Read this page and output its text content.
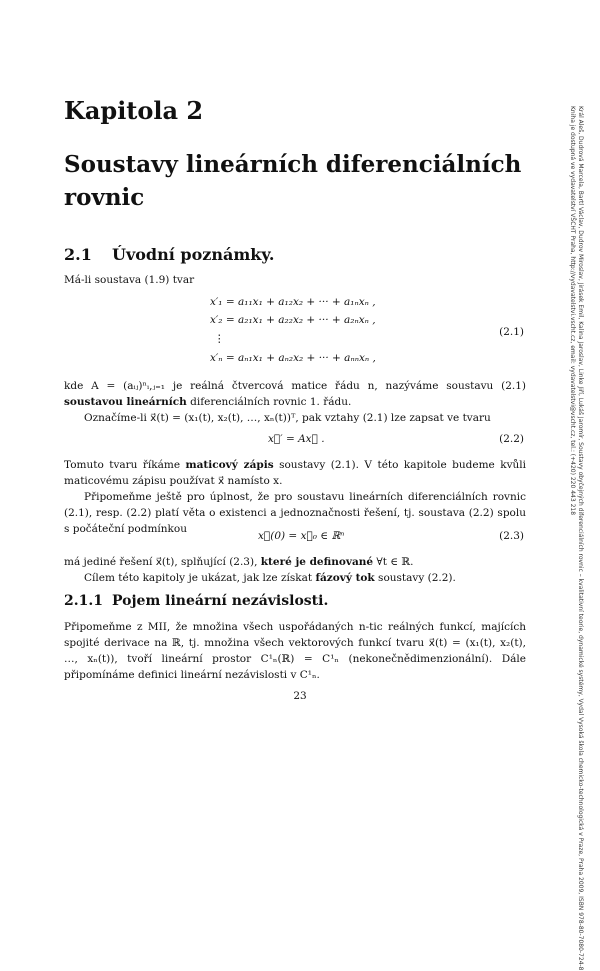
Kapitola 2
Soustavy lineárních diferenciálních rovnic
2.1 Úvodní poznámky.
Má-li soustava (1.9) tvar
x′₁ = a₁₁x₁ + a₁₂x₂ + ··· + a₁ₙxₙ ,
x′₂ = a₂₁x₁ + a₂₂x₂ + ··· + a₂ₙxₙ ,
⋮
x′ₙ = aₙ₁x₁ + aₙ₂x₂ + ··· + aₙₙxₙ ,
(2.1)
kde A = (aᵢⱼ)ⁿᵢ,ⱼ₌₁ je reálná čtvercová matice řádu n, nazýváme soustavu (2.1) soustavou lineárních diferenciálních rovnic 1. řádu.
Označíme-li x⃗(t) = (x₁(t), x₂(t), …, xₙ(t))ᵀ, pak vztahy (2.1) lze zapsat ve tvaru
x⃗′ = Ax⃗ .	(2.2)
Tomuto tvaru říkáme maticový zápis soustavy (2.1). V této kapitole budeme kvůli maticovému zápisu používat x⃗ namísto x.
Připomeňme ještě pro úplnost, že pro soustavu lineárních diferenciálních rovnic (2.1), resp. (2.2) platí věta o existenci a jednoznačnosti řešení, tj. soustava (2.2) spolu s počáteční podmínkou
x⃗(0) = x⃗₀ ∈ ℝⁿ	(2.3)
má jediné řešení x⃗(t), splňující (2.3), které je definované ∀t ∈ ℝ.
Cílem této kapitoly je ukázat, jak lze získat fázový tok soustavy (2.2).
2.1.1 Pojem lineární nezávislosti.
Připomeňme z MII, že množina všech uspořádaných n-tic reálných funkcí, majících spojité derivace na ℝ, tj. množina všech vektorových funkcí tvaru x⃗(t) = (x₁(t), x₂(t), …, xₙ(t)), tvoří lineární prostor C¹ₙ(ℝ) = C¹ₙ (nekonečnědimenzionální). Dále připomínáme definici lineární nezávislosti v C¹ₙ.
23	Král Aleš, Dudrová Marcela, Bartl Václav, Dudrov Miroslav, Jirásek Emil, Kalina Jaroslav, Linke Jiří, Lukáš Jaromír, Soustavy obyčejných diferenciálních rovnic – kvalitativní teorie, dynamické systémy, Vydal Vysoká škola chemicko-technologická v Praze, Praha 2009, ISBN 978-80-7080-724-8
Kniha je dostupná ve vydavatelství VŠCHT Praha, http://vydavatelstvi.vscht.cz, email: vydavatelstvi@vscht.cz, tel.: (+420) 220 443 218
